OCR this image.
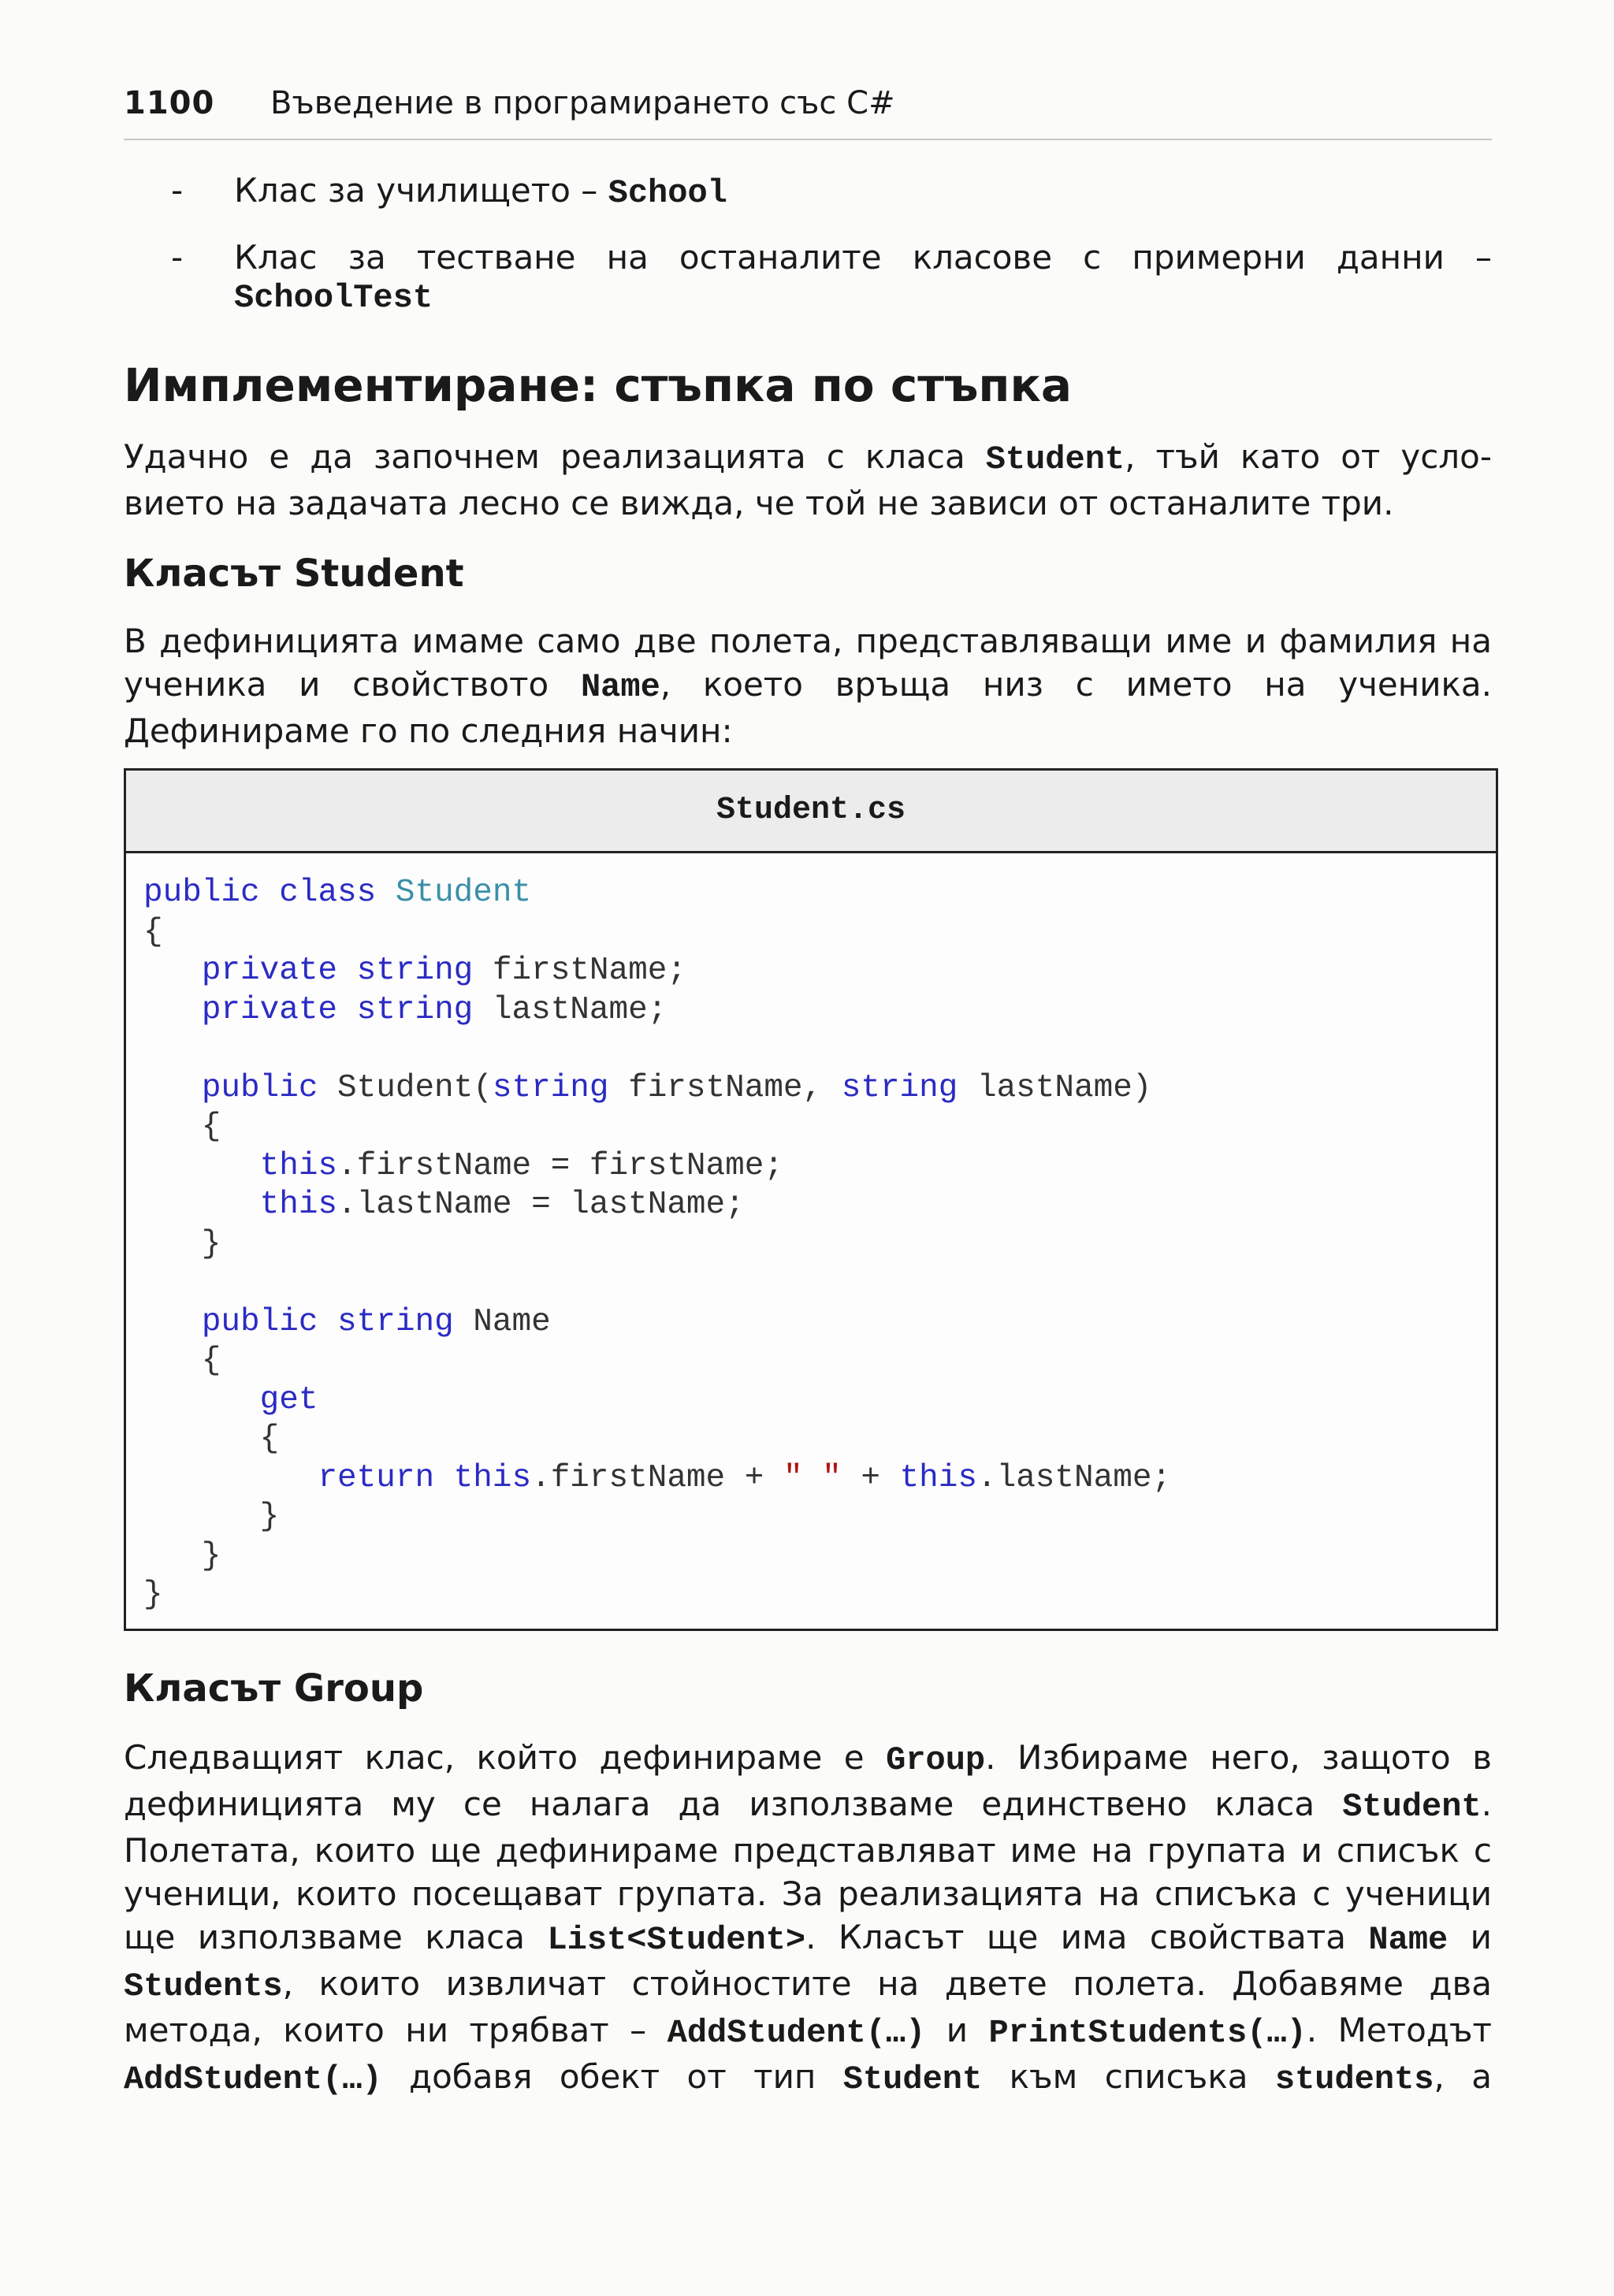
1100 Въведение в програмирането със C#
- Клас за училището – School
- Клас за тестване на останалите класове с примерни данни –
SchoolTest
Имплементиране: стъпка по стъпка
Удачно е да започнем реализацията с класа Student, тъй като от усло-
вието на задачата лесно се вижда, че той не зависи от останалите три.
Класът Student
В дефиницията имаме само две полета, представляващи име и фамилия на
ученика и свойството Name, което връща низ с името на ученика.
Дефинираме го по следния начин:
Student.cs
public class Student
{
private string firstName;
private string lastName;

public Student(string firstName, string lastName)
{
this.firstName = firstName;
this.lastName = lastName;
}

public string Name
{
get
{
return this.firstName + " " + this.lastName;
}
}
}
Класът Group
Следващият клас, който дефинираме е Group. Избираме него, защото в
дефиницията му се налага да използваме единствено класа Student.
Полетата, които ще дефинираме представляват име на групата и списък с
ученици, които посещават групата. За реализацията на списъка с ученици
ще използваме класа List<Student>. Класът ще има свойствата Name и
Students, които извличат стойностите на двете полета. Добавяме два
метода, които ни трябват – AddStudent(…) и PrintStudents(…). Методът
AddStudent(…) добавя обект от тип Student към списъка students, а
